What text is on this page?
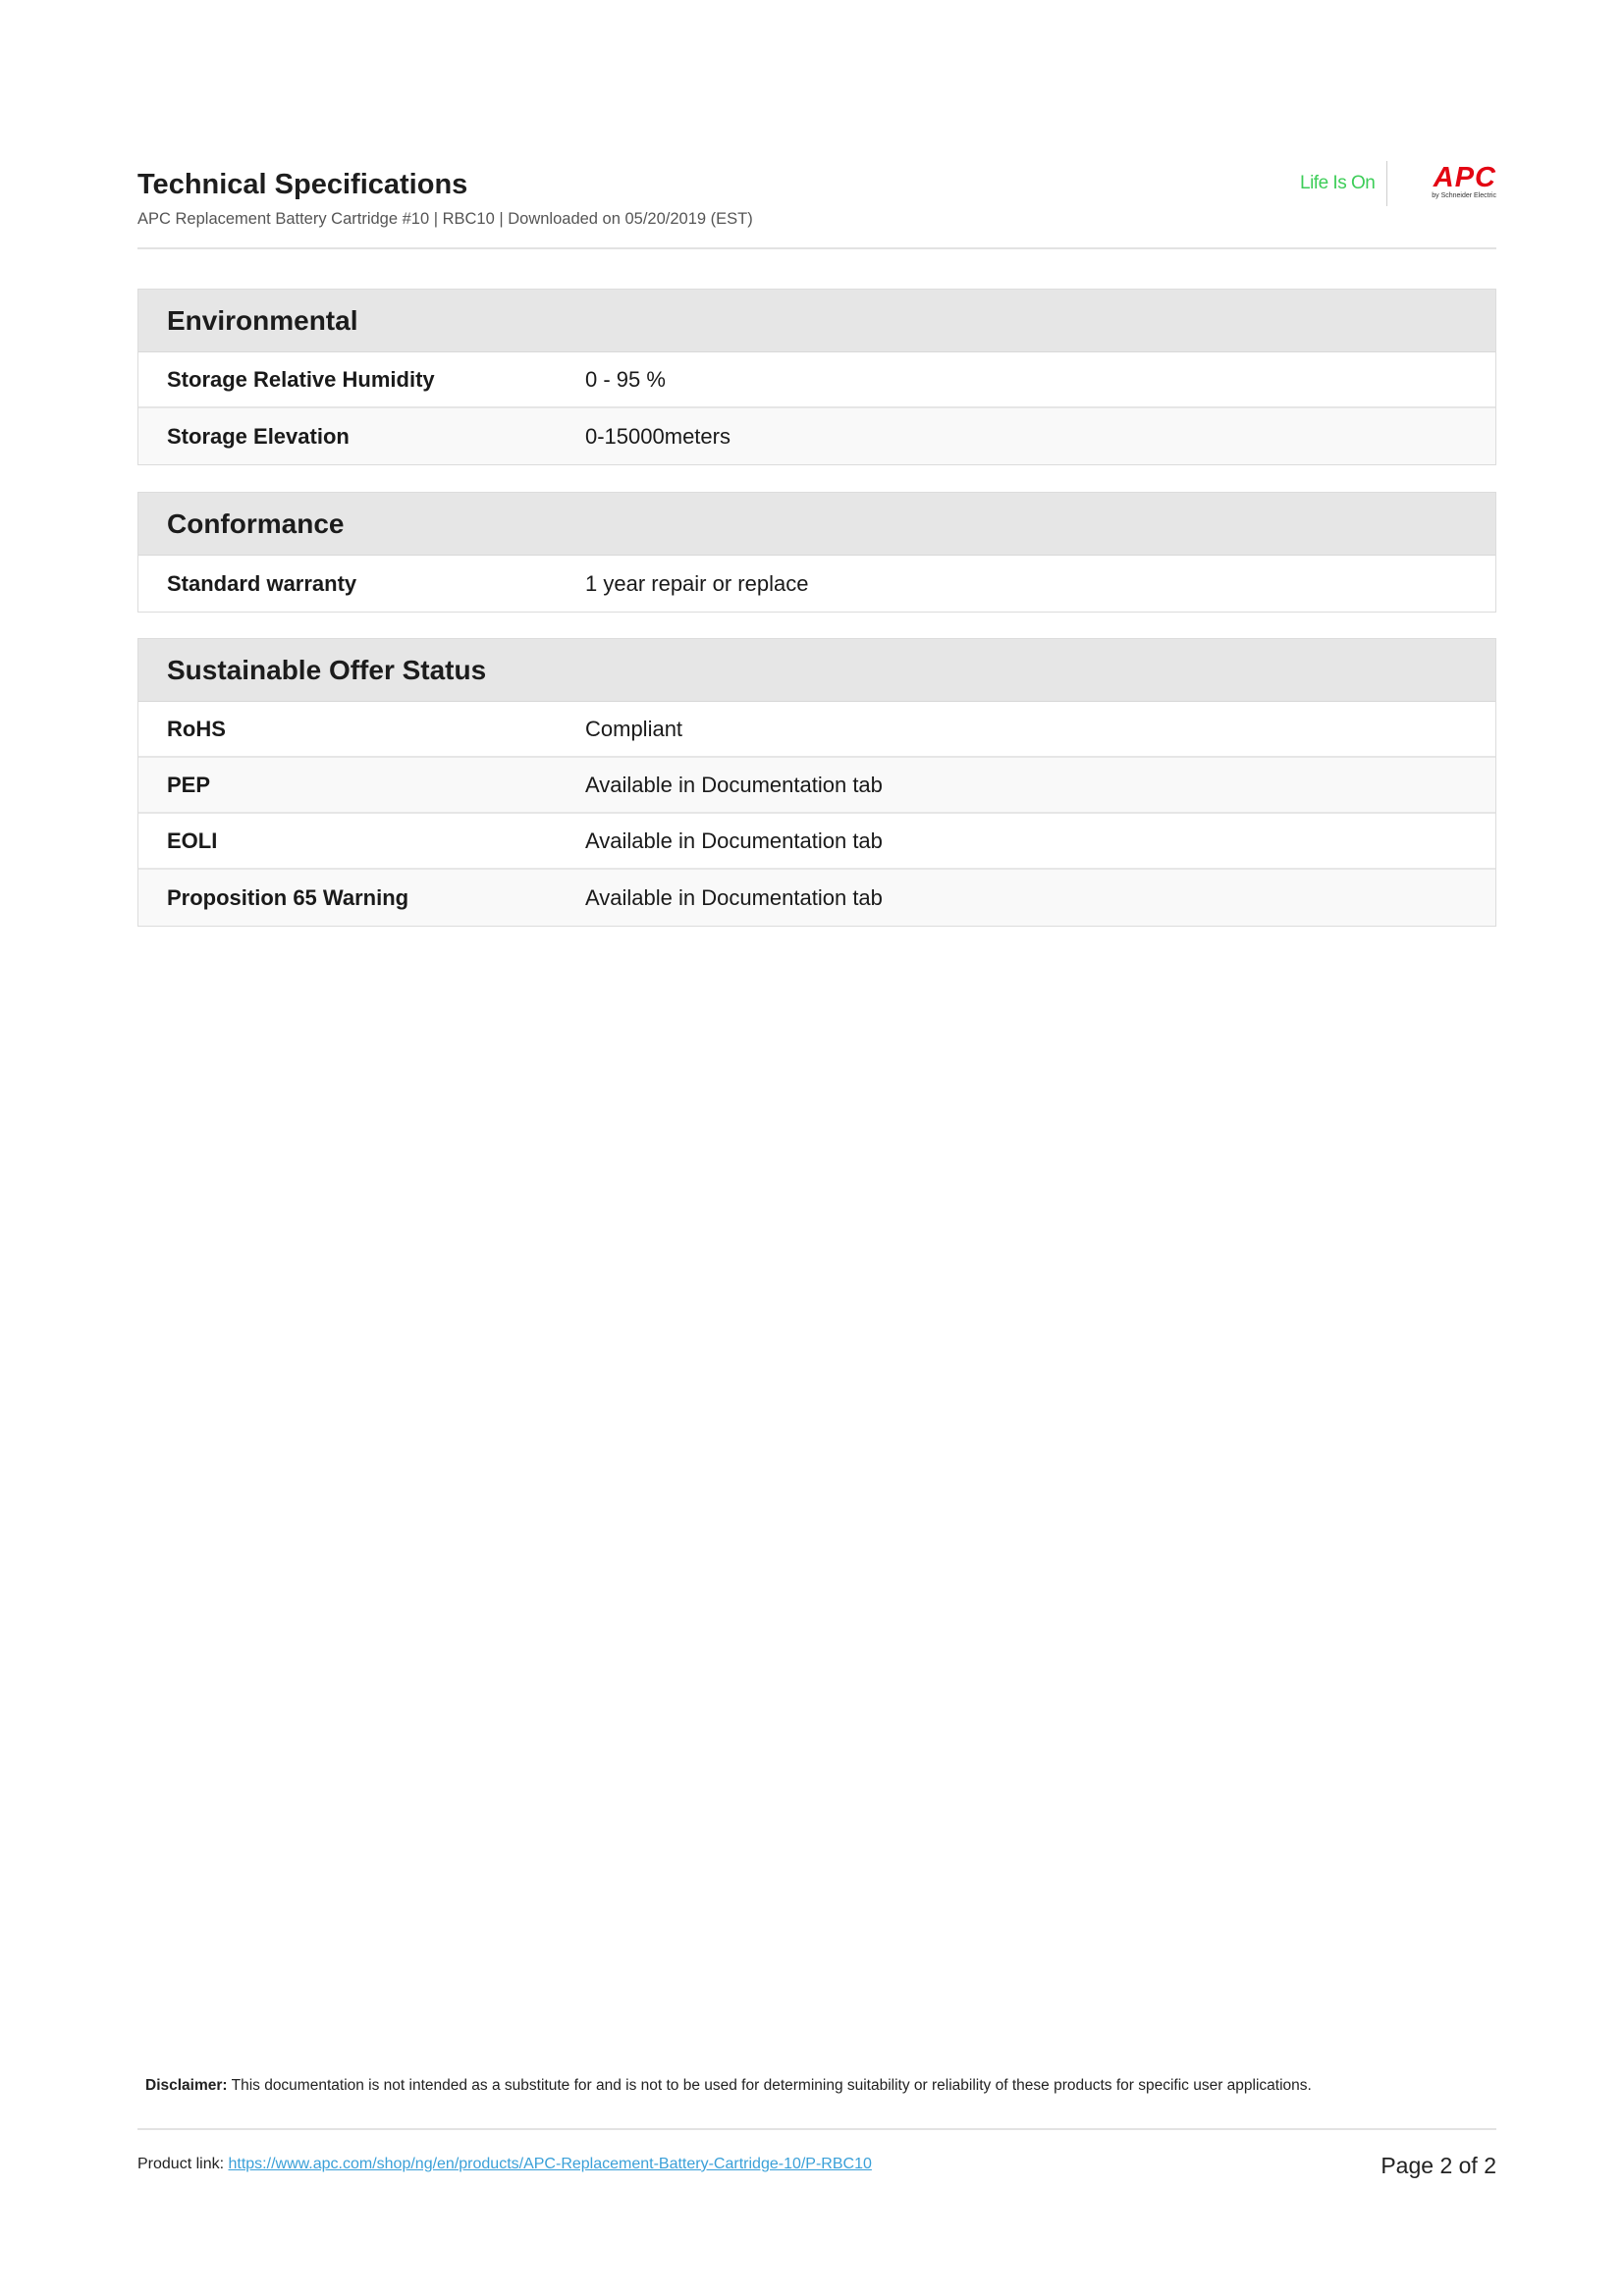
Technical Specifications
APC Replacement Battery Cartridge #10 | RBC10 | Downloaded on 05/20/2019 (EST)
Life Is On APC
by Schneider Electric
Environmental
Storage Relative Humidity	0 - 95 %
Storage Elevation	0-15000meters
Conformance
Standard warranty	1 year repair or replace
Sustainable Offer Status
RoHS	Compliant
PEP	Available in Documentation tab
EOLI	Available in Documentation tab
Proposition 65 Warning	Available in Documentation tab
Disclaimer: This documentation is not intended as a substitute for and is not to be used for determining suitability or reliability of these products for specific user applications.
Product link: https://www.apc.com/shop/ng/en/products/APC-Replacement-Battery-Cartridge-10/P-RBC10	Page 2 of 2
